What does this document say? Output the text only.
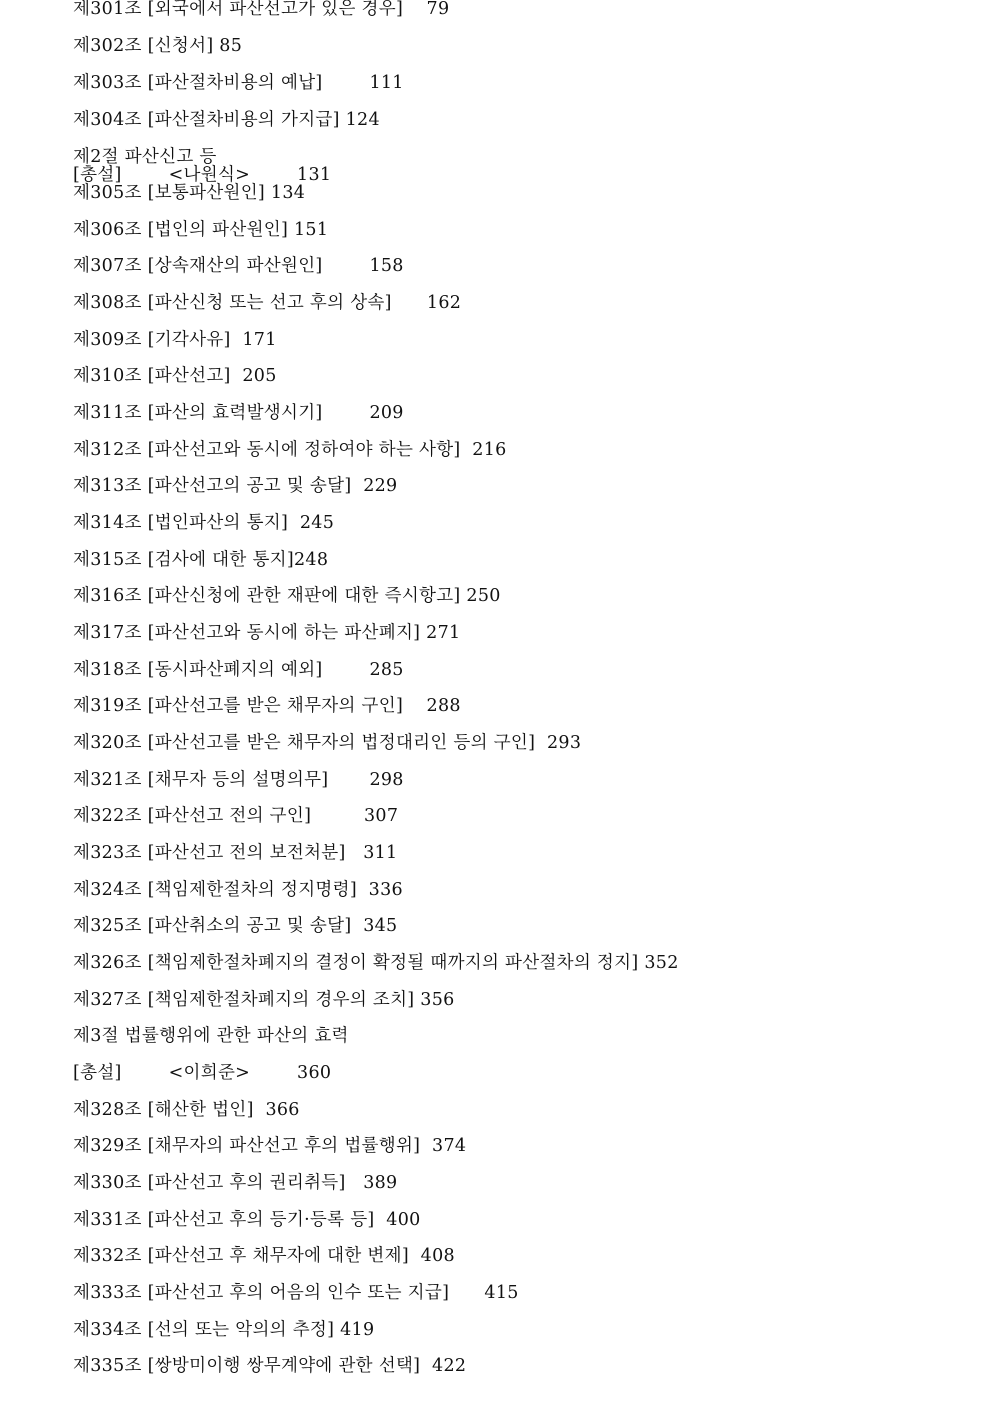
제301조 [외국에서 파산선고가 있은 경우]    79
제302조 [신청서] 85
제303조 [파산절차비용의 예납]        111
제304조 [파산절차비용의 가지급] 124
제2절 파산신고 등
[총설]        <나원식>        131
제305조 [보통파산원인] 134
제306조 [법인의 파산원인] 151
제307조 [상속재산의 파산원인]        158
제308조 [파산신청 또는 선고 후의 상속]      162
제309조 [기각사유]  171
제310조 [파산선고]  205
제311조 [파산의 효력발생시기]        209
제312조 [파산선고와 동시에 정하여야 하는 사항]  216
제313조 [파산선고의 공고 및 송달]  229
제314조 [법인파산의 통지]  245
제315조 [검사에 대한 통지]248
제316조 [파산신청에 관한 재판에 대한 즉시항고] 250
제317조 [파산선고와 동시에 하는 파산폐지] 271
제318조 [동시파산폐지의 예외]        285
제319조 [파산선고를 받은 채무자의 구인]    288
제320조 [파산선고를 받은 채무자의 법정대리인 등의 구인]  293
제321조 [채무자 등의 설명의무]       298
제322조 [파산선고 전의 구인]         307
제323조 [파산선고 전의 보전처분]   311
제324조 [책임제한절차의 정지명령]  336
제325조 [파산취소의 공고 및 송달]  345
제326조 [책임제한절차폐지의 결정이 확정될 때까지의 파산절차의 정지] 352
제327조 [책임제한절차폐지의 경우의 조치] 356
제3절 법률행위에 관한 파산의 효력
[총설]        <이희준>        360
제328조 [해산한 법인]  366
제329조 [채무자의 파산선고 후의 법률행위]  374
제330조 [파산선고 후의 권리취득]   389
제331조 [파산선고 후의 등기·등록 등]  400
제332조 [파산선고 후 채무자에 대한 변제]  408
제333조 [파산선고 후의 어음의 인수 또는 지급]      415
제334조 [선의 또는 악의의 추정] 419
제335조 [쌍방미이행 쌍무계약에 관한 선택]  422
